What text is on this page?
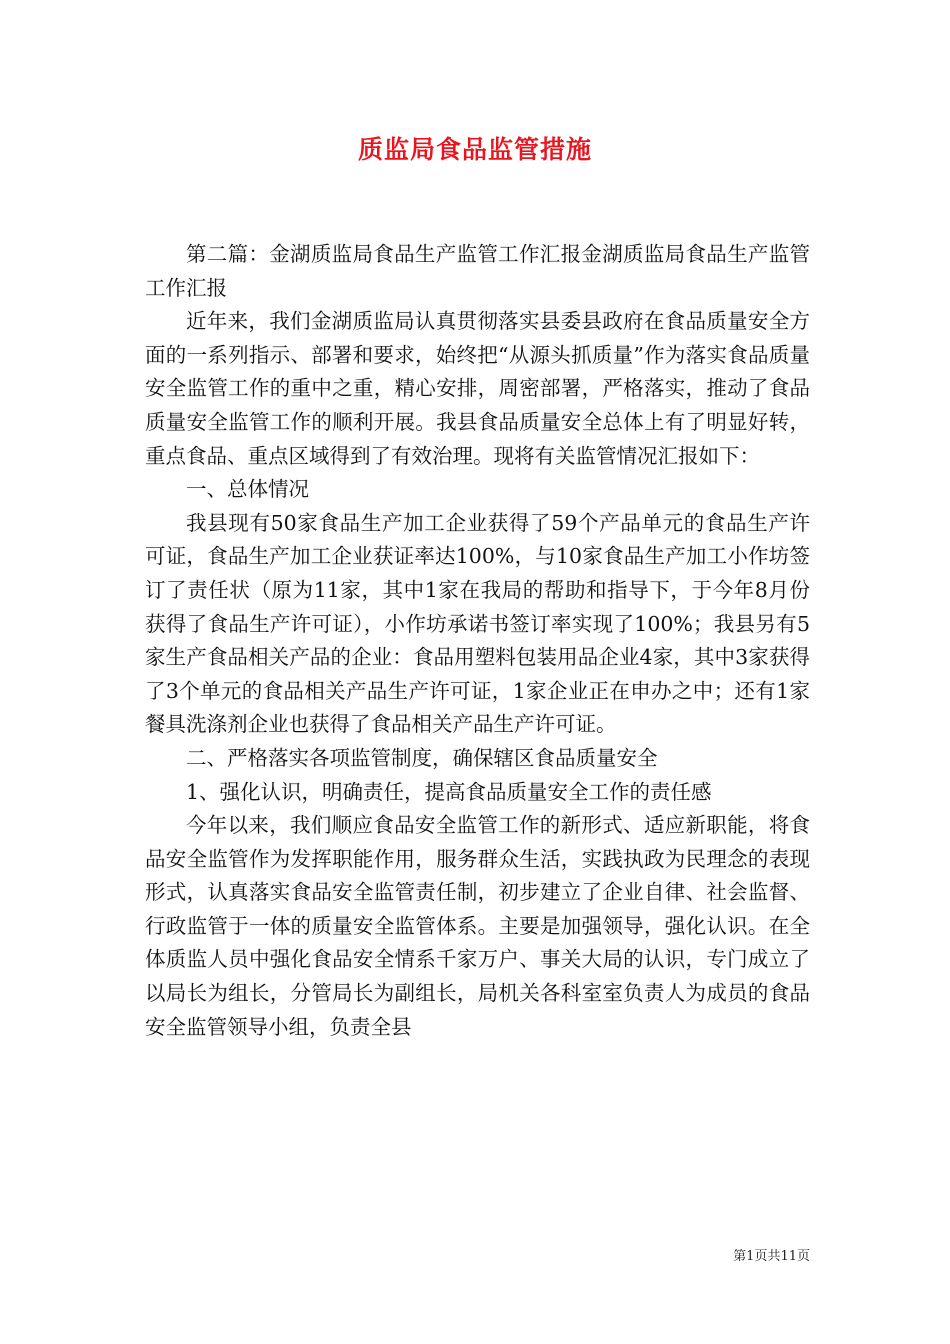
质监局食品监管措施

第二篇：金湖质监局食品生产监管工作汇报金湖质监局食品生产监管工作汇报

近年来，我们金湖质监局认真贯彻落实县委县政府在食品质量安全方面的一系列指示、部署和要求，始终把“从源头抓质量”作为落实食品质量安全监管工作的重中之重，精心安排，周密部署，严格落实，推动了食品质量安全监管工作的顺利开展。我县食品质量安全总体上有了明显好转，重点食品、重点区域得到了有效治理。现将有关监管情况汇报如下：

一、总体情况

我县现有50家食品生产加工企业获得了59个产品单元的食品生产许可证，食品生产加工企业获证率达100%，与10家食品生产加工小作坊签订了责任状（原为11家，其中1家在我局的帮助和指导下，于今年8月份获得了食品生产许可证），小作坊承诺书签订率实现了100%；我县另有5家生产食品相关产品的企业：食品用塑料包装用品企业4家，其中3家获得了3个单元的食品相关产品生产许可证，1家企业正在申办之中；还有1家餐具洗涤剂企业也获得了食品相关产品生产许可证。

二、严格落实各项监管制度，确保辖区食品质量安全

1、强化认识，明确责任，提高食品质量安全工作的责任感

今年以来，我们顺应食品安全监管工作的新形式、适应新职能，将食品安全监管作为发挥职能作用，服务群众生活，实践执政为民理念的表现形式，认真落实食品安全监管责任制，初步建立了企业自律、社会监督、行政监管于一体的质量安全监管体系。主要是加强领导，强化认识。在全体质监人员中强化食品安全情系千家万户、事关大局的认识，专门成立了以局长为组长，分管局长为副组长，局机关各科室室负责人为成员的食品安全监管领导小组，负责全县

第1页共11页
